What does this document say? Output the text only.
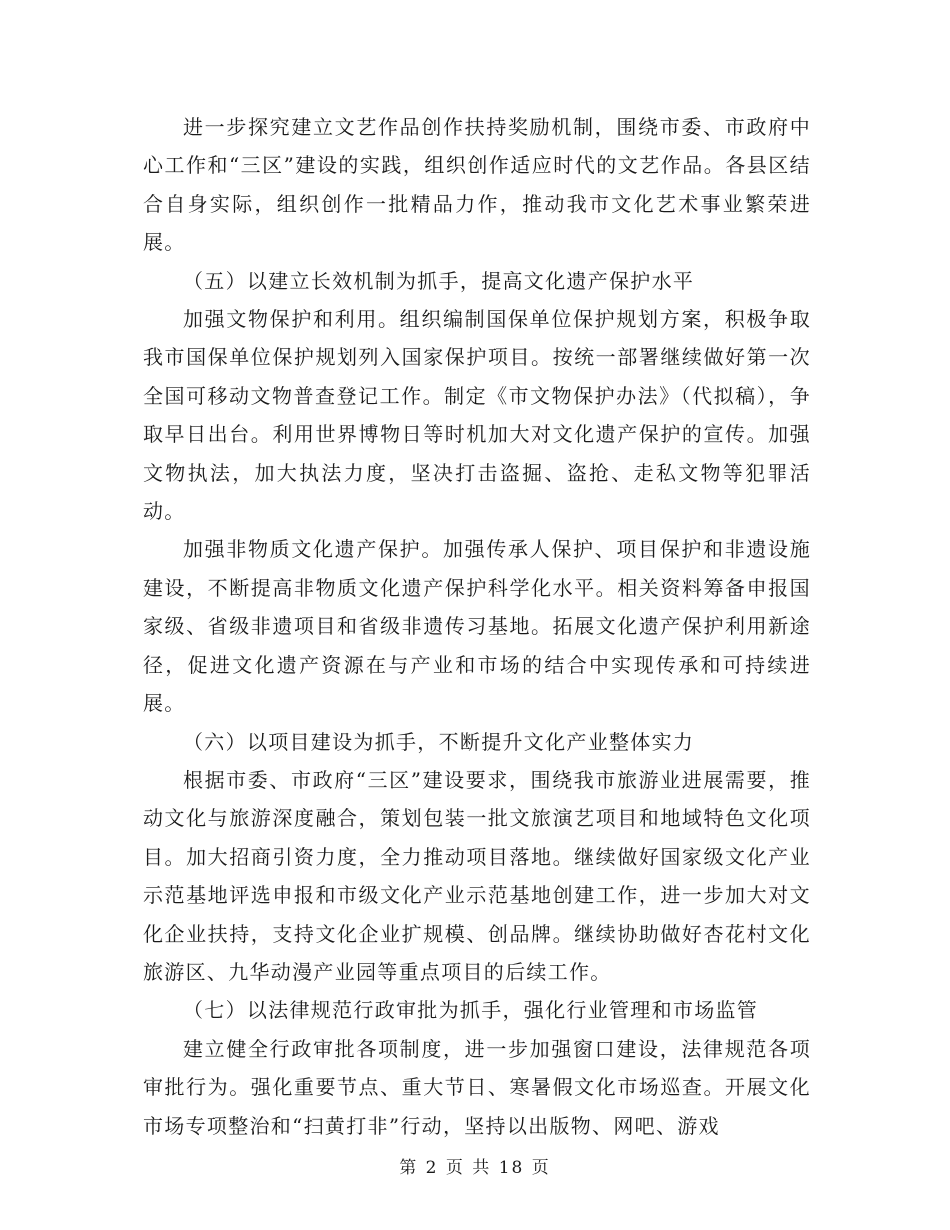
进一步探究建立文艺作品创作扶持奖励机制，围绕市委、市政府中心工作和“三区”建设的实践，组织创作适应时代的文艺作品。各县区结合自身实际，组织创作一批精品力作，推动我市文化艺术事业繁荣进展。

（五）以建立长效机制为抓手，提高文化遗产保护水平

加强文物保护和利用。组织编制国保单位保护规划方案，积极争取我市国保单位保护规划列入国家保护项目。按统一部署继续做好第一次全国可移动文物普查登记工作。制定《市文物保护办法》（代拟稿），争取早日出台。利用世界博物日等时机加大对文化遗产保护的宣传。加强文物执法，加大执法力度，坚决打击盗掘、盗抢、走私文物等犯罪活动。

加强非物质文化遗产保护。加强传承人保护、项目保护和非遗设施建设，不断提高非物质文化遗产保护科学化水平。相关资料筹备申报国家级、省级非遗项目和省级非遗传习基地。拓展文化遗产保护利用新途径，促进文化遗产资源在与产业和市场的结合中实现传承和可持续进展。

（六）以项目建设为抓手，不断提升文化产业整体实力

根据市委、市政府“三区”建设要求，围绕我市旅游业进展需要，推动文化与旅游深度融合，策划包装一批文旅演艺项目和地域特色文化项目。加大招商引资力度，全力推动项目落地。继续做好国家级文化产业示范基地评选申报和市级文化产业示范基地创建工作，进一步加大对文化企业扶持，支持文化企业扩规模、创品牌。继续协助做好杏花村文化旅游区、九华动漫产业园等重点项目的后续工作。

（七）以法律规范行政审批为抓手，强化行业管理和市场监管

建立健全行政审批各项制度，进一步加强窗口建设，法律规范各项审批行为。强化重要节点、重大节日、寒暑假文化市场巡查。开展文化市场专项整治和“扫黄打非”行动，坚持以出版物、网吧、游戏

第 2 页 共 18 页
